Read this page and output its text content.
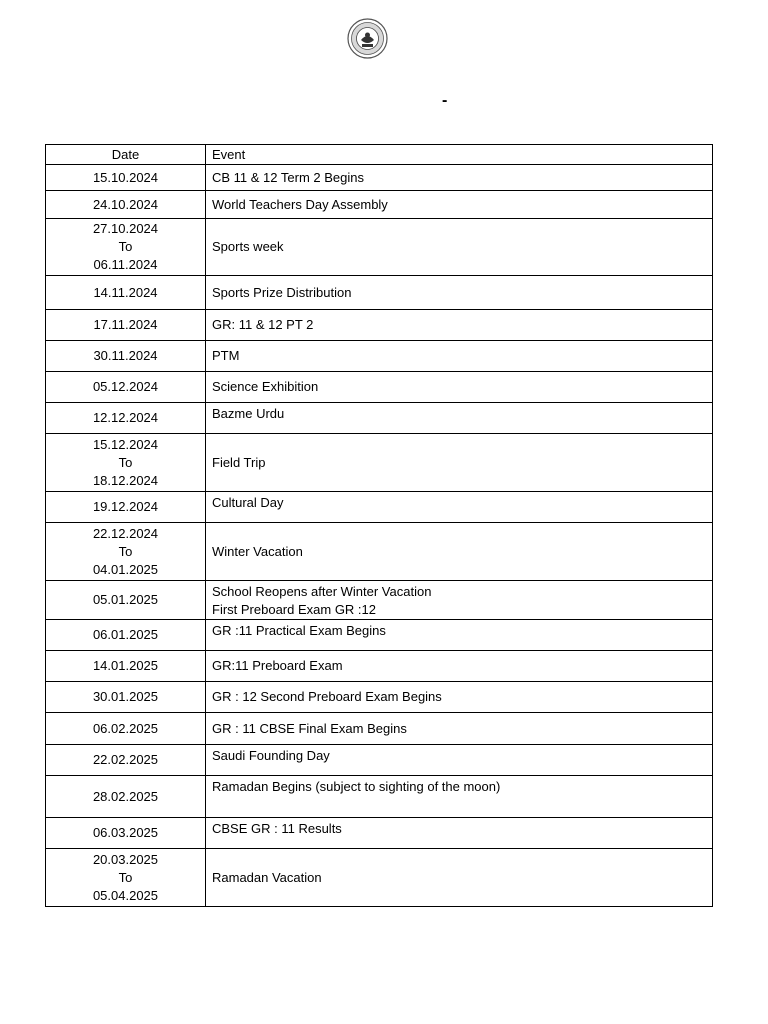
-
Date	Event

15.10.2024	CB 11 & 12 Term 2 Begins

24.10.2024	World Teachers Day Assembly

27.10.2024
To
06.11.2024	Sports week

14.11.2024	Sports Prize Distribution

17.11.2024	GR: 11 & 12 PT 2

30.11.2024	PTM

05.12.2024	Science Exhibition

12.12.2024	Bazme Urdu

15.12.2024
To
18.12.2024	Field Trip

19.12.2024	Cultural Day

22.12.2024
To
04.01.2025	Winter Vacation

05.01.2025	School Reopens after Winter Vacation
First Preboard Exam GR :12

06.01.2025	GR :11 Practical Exam Begins

14.01.2025	GR:11 Preboard Exam

30.01.2025	GR : 12 Second Preboard Exam Begins

06.02.2025	GR : 11 CBSE Final Exam Begins

22.02.2025	Saudi Founding Day

28.02.2025	Ramadan Begins (subject to sighting of the moon)

06.03.2025	CBSE GR : 11 Results

20.03.2025
To
05.04.2025	Ramadan Vacation
